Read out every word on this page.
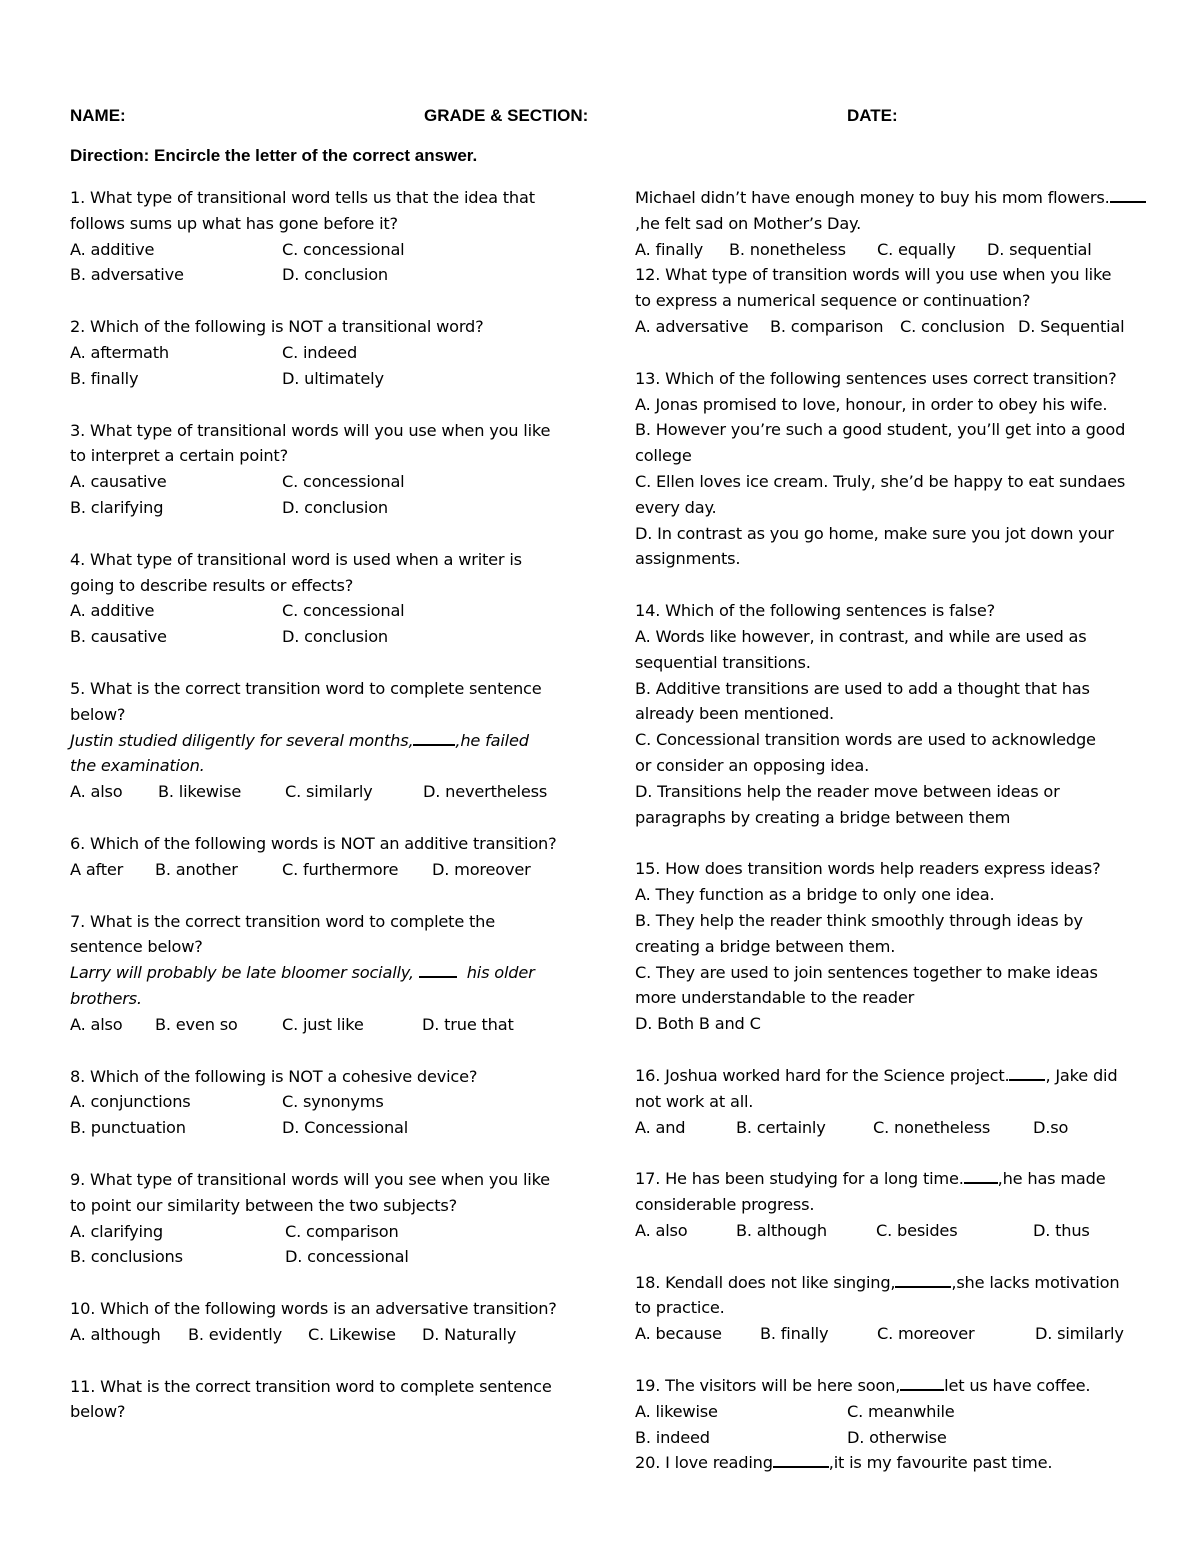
NAME:	GRADE & SECTION:	DATE:
Direction: Encircle the letter of the correct answer.
1. What type of transitional word tells us that the idea that
follows sums up what has gone before it?
A. additive	C. concessional
B. adversative	D. conclusion
2. Which of the following is NOT a transitional word?
A. aftermath	C. indeed
B. finally	D. ultimately
3. What type of transitional words will you use when you like
to interpret a certain point?
A. causative	C. concessional
B. clarifying	D. conclusion
4. What type of transitional word is used when a writer is
going to describe results or effects?
A. additive	C. concessional
B. causative	D. conclusion
5. What is the correct transition word to complete sentence
below?
Justin studied diligently for several months,	,he failed
the examination.
A. also	B. likewise	C. similarly	D. nevertheless
6. Which of the following words is NOT an additive transition?
A after	B. another	C. furthermore	D. moreover
7. What is the correct transition word to complete the
sentence below?
Larry will probably be late bloomer socially,	his older
brothers.
A. also	B. even so	C. just like	D. true that
8. Which of the following is NOT a cohesive device?
A. conjunctions	C. synonyms
B. punctuation	D. Concessional
9. What type of transitional words will you see when you like
to point our similarity between the two subjects?
A. clarifying	C. comparison
B. conclusions	D. concessional
10. Which of the following words is an adversative transition?
A. although	B. evidently	C. Likewise	D. Naturally
11. What is the correct transition word to complete sentence
below?
Michael didn’t have enough money to buy his mom flowers.
,he felt sad on Mother’s Day.
A. finally	B. nonetheless	C. equally	D. sequential
12. What type of transition words will you use when you like
to express a numerical sequence or continuation?
A. adversative	B. comparison	C. conclusion D. Sequential
13. Which of the following sentences uses correct transition?
A. Jonas promised to love, honour, in order to obey his wife.
B. However you’re such a good student, you’ll get into a good
college
C. Ellen loves ice cream. Truly, she’d be happy to eat sundaes
every day.
D. In contrast as you go home, make sure you jot down your
assignments.
14. Which of the following sentences is false?
A. Words like however, in contrast, and while are used as
sequential transitions.
B. Additive transitions are used to add a thought that has
already been mentioned.
C. Concessional transition words are used to acknowledge
or consider an opposing idea.
D. Transitions help the reader move between ideas or
paragraphs by creating a bridge between them
15. How does transition words help readers express ideas?
A. They function as a bridge to only one idea.
B. They help the reader think smoothly through ideas by
creating a bridge between them.
C. They are used to join sentences together to make ideas
more understandable to the reader
D. Both B and C
16. Joshua worked hard for the Science project. , Jake did
not work at all.
A. and	B. certainly	C. nonetheless	D.so
17. He has been studying for a long time. ,he has made
considerable progress.
A. also	B. although	C. besides	D. thus
18. Kendall does not like singing,	,she lacks motivation
to practice.
A. because	B. finally	C. moreover	D. similarly
19. The visitors will be here soon,	let us have coffee.
A. likewise	C. meanwhile
B. indeed	D. otherwise
20. I love reading	,it is my favourite past time.
